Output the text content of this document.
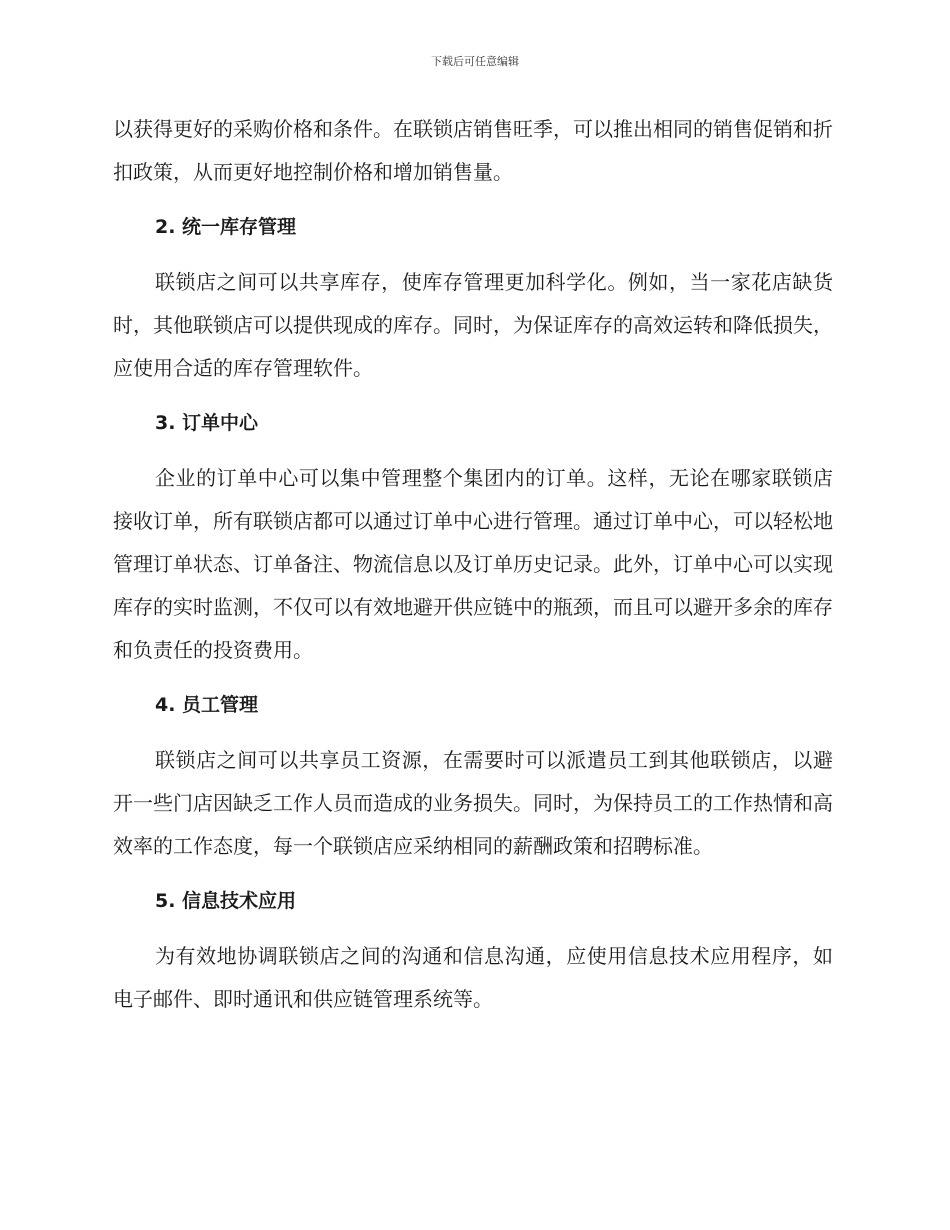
下载后可任意编辑

以获得更好的采购价格和条件。在联锁店销售旺季，可以推出相同的销售促销和折扣政策，从而更好地控制价格和增加销售量。

2. 统一库存管理

联锁店之间可以共享库存，使库存管理更加科学化。例如，当一家花店缺货时，其他联锁店可以提供现成的库存。同时，为保证库存的高效运转和降低损失，应使用合适的库存管理软件。

3. 订单中心

企业的订单中心可以集中管理整个集团内的订单。这样，无论在哪家联锁店接收订单，所有联锁店都可以通过订单中心进行管理。通过订单中心，可以轻松地管理订单状态、订单备注、物流信息以及订单历史记录。此外，订单中心可以实现库存的实时监测，不仅可以有效地避开供应链中的瓶颈，而且可以避开多余的库存和负责任的投资费用。

4. 员工管理

联锁店之间可以共享员工资源，在需要时可以派遣员工到其他联锁店，以避开一些门店因缺乏工作人员而造成的业务损失。同时，为保持员工的工作热情和高效率的工作态度，每一个联锁店应采纳相同的薪酬政策和招聘标准。

5. 信息技术应用

为有效地协调联锁店之间的沟通和信息沟通，应使用信息技术应用程序，如电子邮件、即时通讯和供应链管理系统等。
